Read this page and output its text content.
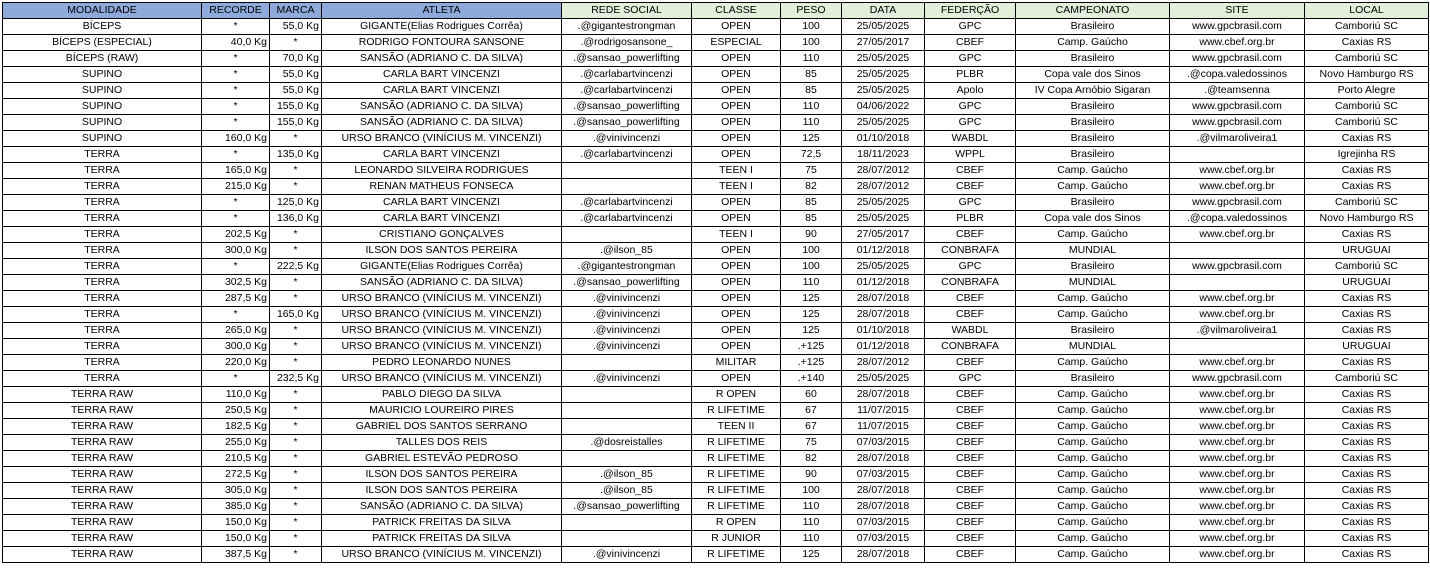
MODALIDADE	RECORDE	MARCA	ATLETA	REDE SOCIAL	CLASSE	PESO	DATA	FEDERÇÃO	CAMPEONATO	SITE	LOCAL
BÍCEPS	*	55,0 Kg	GIGANTE(Elias Rodrigues Corrêa)	.@gigantestrongman	OPEN	100	25/05/2025	GPC	Brasileiro	www.gpcbrasil.com	Camboriú SC
BÍCEPS (ESPECIAL)	40,0 Kg	*	RODRIGO FONTOURA SANSONE	.@rodrigosansone_	ESPECIAL	100	27/05/2017	CBEF	Camp. Gaúcho	www.cbef.org.br	Caxias RS
BÍCEPS (RAW)	*	70,0 Kg	SANSÃO (ADRIANO C. DA SILVA)	.@sansao_powerlifting	OPEN	110	25/05/2025	GPC	Brasileiro	www.gpcbrasil.com	Camboriú SC
SUPINO	*	55,0 Kg	CARLA BART VINCENZI	.@carlabartvincenzi	OPEN	85	25/05/2025	PLBR	Copa vale dos Sinos	.@copa.valedossinos	Novo Hamburgo RS
SUPINO	*	55,0 Kg	CARLA BART VINCENZI	.@carlabartvincenzi	OPEN	85	25/05/2025	Apolo	IV Copa Arnóbio Sigaran	.@teamsenna	Porto Alegre
SUPINO	*	155,0 Kg	SANSÃO (ADRIANO C. DA SILVA)	.@sansao_powerlifting	OPEN	110	04/06/2022	GPC	Brasileiro	www.gpcbrasil.com	Camboriú SC
SUPINO	*	155,0 Kg	SANSÃO (ADRIANO C. DA SILVA)	.@sansao_powerlifting	OPEN	110	25/05/2025	GPC	Brasileiro	www.gpcbrasil.com	Camboriú SC
SUPINO	160,0 Kg	*	URSO BRANCO (VINÍCIUS M. VINCENZI)	.@vinivincenzi	OPEN	125	01/10/2018	WABDL	Brasileiro	.@vilmaroliveira1	Caxias RS
TERRA	*	135,0 Kg	CARLA BART VINCENZI	.@carlabartvincenzi	OPEN	72,5	18/11/2023	WPPL	Brasileiro		Igrejinha RS
TERRA	165,0 Kg	*	LEONARDO SILVEIRA RODRIGUES		TEEN I	75	28/07/2012	CBEF	Camp. Gaúcho	www.cbef.org.br	Caxias RS
TERRA	215,0 Kg	*	RENAN MATHEUS FONSECA		TEEN I	82	28/07/2012	CBEF	Camp. Gaúcho	www.cbef.org.br	Caxias RS
TERRA	*	125,0 Kg	CARLA BART VINCENZI	.@carlabartvincenzi	OPEN	85	25/05/2025	GPC	Brasileiro	www.gpcbrasil.com	Camboriú SC
TERRA	*	136,0 Kg	CARLA BART VINCENZI	.@carlabartvincenzi	OPEN	85	25/05/2025	PLBR	Copa vale dos Sinos	.@copa.valedossinos	Novo Hamburgo RS
TERRA	202,5 Kg	*	CRISTIANO GONÇALVES		TEEN I	90	27/05/2017	CBEF	Camp. Gaúcho	www.cbef.org.br	Caxias RS
TERRA	300,0 Kg	*	ILSON DOS SANTOS PEREIRA	.@ilson_85	OPEN	100	01/12/2018	CONBRAFA	MUNDIAL		URUGUAI
TERRA	*	222,5 Kg	GIGANTE(Elias Rodrigues Corrêa)	.@gigantestrongman	OPEN	100	25/05/2025	GPC	Brasileiro	www.gpcbrasil.com	Camboriú SC
TERRA	302,5 Kg	*	SANSÃO (ADRIANO C. DA SILVA)	.@sansao_powerlifting	OPEN	110	01/12/2018	CONBRAFA	MUNDIAL		URUGUAI
TERRA	287,5 Kg	*	URSO BRANCO (VINÍCIUS M. VINCENZI)	.@vinivincenzi	OPEN	125	28/07/2018	CBEF	Camp. Gaúcho	www.cbef.org.br	Caxias RS
TERRA	*	165,0 Kg	URSO BRANCO (VINÍCIUS M. VINCENZI)	.@vinivincenzi	OPEN	125	28/07/2018	CBEF	Camp. Gaúcho	www.cbef.org.br	Caxias RS
TERRA	265,0 Kg	*	URSO BRANCO (VINÍCIUS M. VINCENZI)	.@vinivincenzi	OPEN	125	01/10/2018	WABDL	Brasileiro	.@vilmaroliveira1	Caxias RS
TERRA	300,0 Kg	*	URSO BRANCO (VINÍCIUS M. VINCENZI)	.@vinivincenzi	OPEN	.+125	01/12/2018	CONBRAFA	MUNDIAL		URUGUAI
TERRA	220,0 Kg	*	PEDRO LEONARDO NUNES		MILITAR	.+125	28/07/2012	CBEF	Camp. Gaúcho	www.cbef.org.br	Caxias RS
TERRA	*	232,5 Kg	URSO BRANCO (VINÍCIUS M. VINCENZI)	.@vinivincenzi	OPEN	.+140	25/05/2025	GPC	Brasileiro	www.gpcbrasil.com	Camboriú SC
TERRA RAW	110,0 Kg	*	PABLO DIEGO DA SILVA		R OPEN	60	28/07/2018	CBEF	Camp. Gaúcho	www.cbef.org.br	Caxias RS
TERRA RAW	250,5 Kg	*	MAURICIO LOUREIRO PIRES		R LIFETIME	67	11/07/2015	CBEF	Camp. Gaúcho	www.cbef.org.br	Caxias RS
TERRA RAW	182,5 Kg	*	GABRIEL DOS SANTOS SERRANO		TEEN II	67	11/07/2015	CBEF	Camp. Gaúcho	www.cbef.org.br	Caxias RS
TERRA RAW	255,0 Kg	*	TALLES DOS REIS	.@dosreistalles	R LIFETIME	75	07/03/2015	CBEF	Camp. Gaúcho	www.cbef.org.br	Caxias RS
TERRA RAW	210,5 Kg	*	GABRIEL ESTEVÃO PEDROSO		R LIFETIME	82	28/07/2018	CBEF	Camp. Gaúcho	www.cbef.org.br	Caxias RS
TERRA RAW	272,5 Kg	*	ILSON DOS SANTOS PEREIRA	.@ilson_85	R LIFETIME	90	07/03/2015	CBEF	Camp. Gaúcho	www.cbef.org.br	Caxias RS
TERRA RAW	305,0 Kg	*	ILSON DOS SANTOS PEREIRA	.@ilson_85	R LIFETIME	100	28/07/2018	CBEF	Camp. Gaúcho	www.cbef.org.br	Caxias RS
TERRA RAW	385,0 Kg	*	SANSÃO (ADRIANO C. DA SILVA)	.@sansao_powerlifting	R LIFETIME	110	28/07/2018	CBEF	Camp. Gaúcho	www.cbef.org.br	Caxias RS
TERRA RAW	150,0 Kg	*	PATRICK FREITAS DA SILVA		R OPEN	110	07/03/2015	CBEF	Camp. Gaúcho	www.cbef.org.br	Caxias RS
TERRA RAW	150,0 Kg	*	PATRICK FREITAS DA SILVA		R JUNIOR	110	07/03/2015	CBEF	Camp. Gaúcho	www.cbef.org.br	Caxias RS
TERRA RAW	387,5 Kg	*	URSO BRANCO (VINÍCIUS M. VINCENZI)	.@vinivincenzi	R LIFETIME	125	28/07/2018	CBEF	Camp. Gaúcho	www.cbef.org.br	Caxias RS
